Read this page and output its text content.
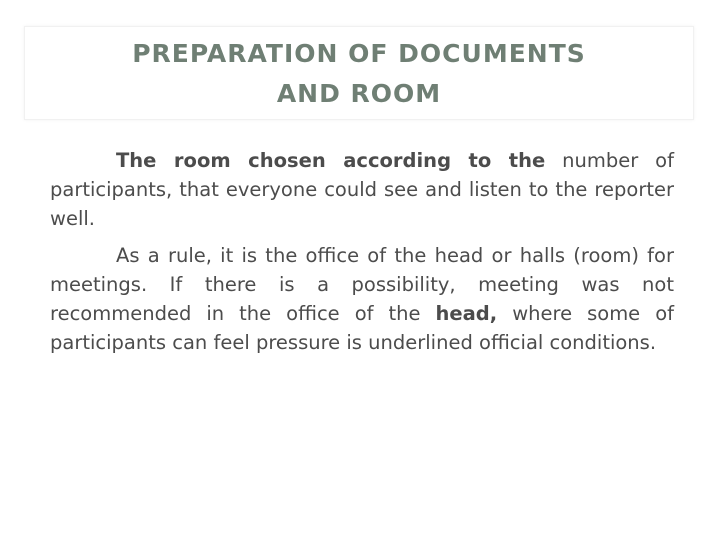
PREPARATION OF DOCUMENTS
AND ROOM

The room chosen according to the number of participants, that everyone could see and listen to the reporter well.

As a rule, it is the office of the head or halls (room) for meetings. If there is a possibility, meeting was not recommended in the office of the head, where some of participants can feel pressure is underlined official conditions.
